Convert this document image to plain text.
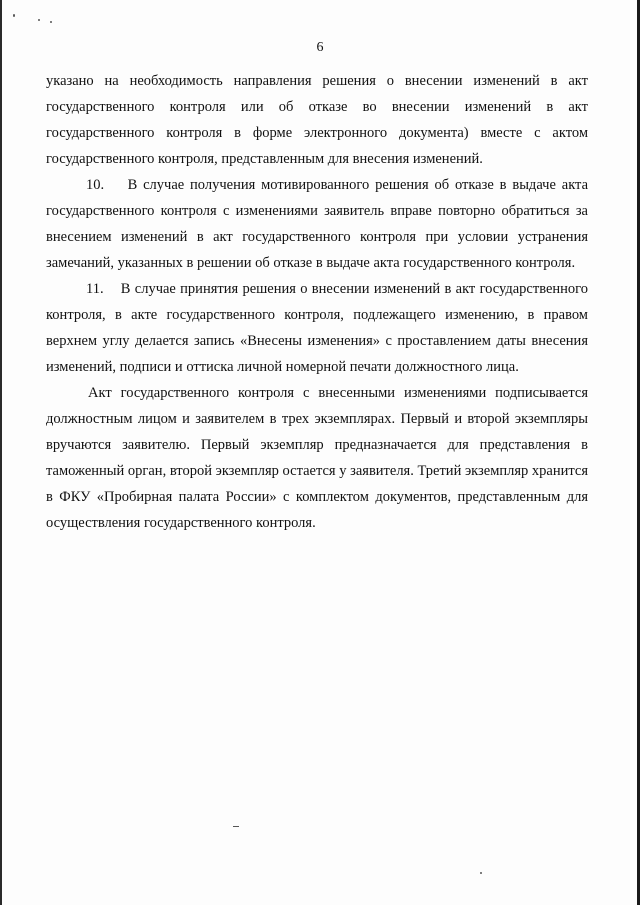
6

указано на необходимость направления решения о внесении изменений в акт государственного контроля или об отказе во внесении изменений в акт государственного контроля в форме электронного документа) вместе с актом государственного контроля, представленным для внесения изменений.

10.    В случае получения мотивированного решения об отказе в выдаче акта государственного контроля с изменениями заявитель вправе повторно обратиться за внесением изменений в акт государственного контроля при условии устранения замечаний, указанных в решении об отказе в выдаче акта государственного контроля.

11.    В случае принятия решения о внесении изменений в акт государственного контроля, в акте государственного контроля, подлежащего изменению, в правом верхнем углу делается запись «Внесены изменения» с проставлением даты внесения изменений, подписи и оттиска личной номерной печати должностного лица.

Акт государственного контроля с внесенными изменениями подписывается должностным лицом и заявителем в трех экземплярах. Первый и второй экземпляры вручаются заявителю. Первый экземпляр предназначается для представления в таможенный орган, второй экземпляр остается у заявителя. Третий экземпляр хранится в ФКУ «Пробирная палата России» с комплектом документов, представленным для осуществления государственного контроля.
